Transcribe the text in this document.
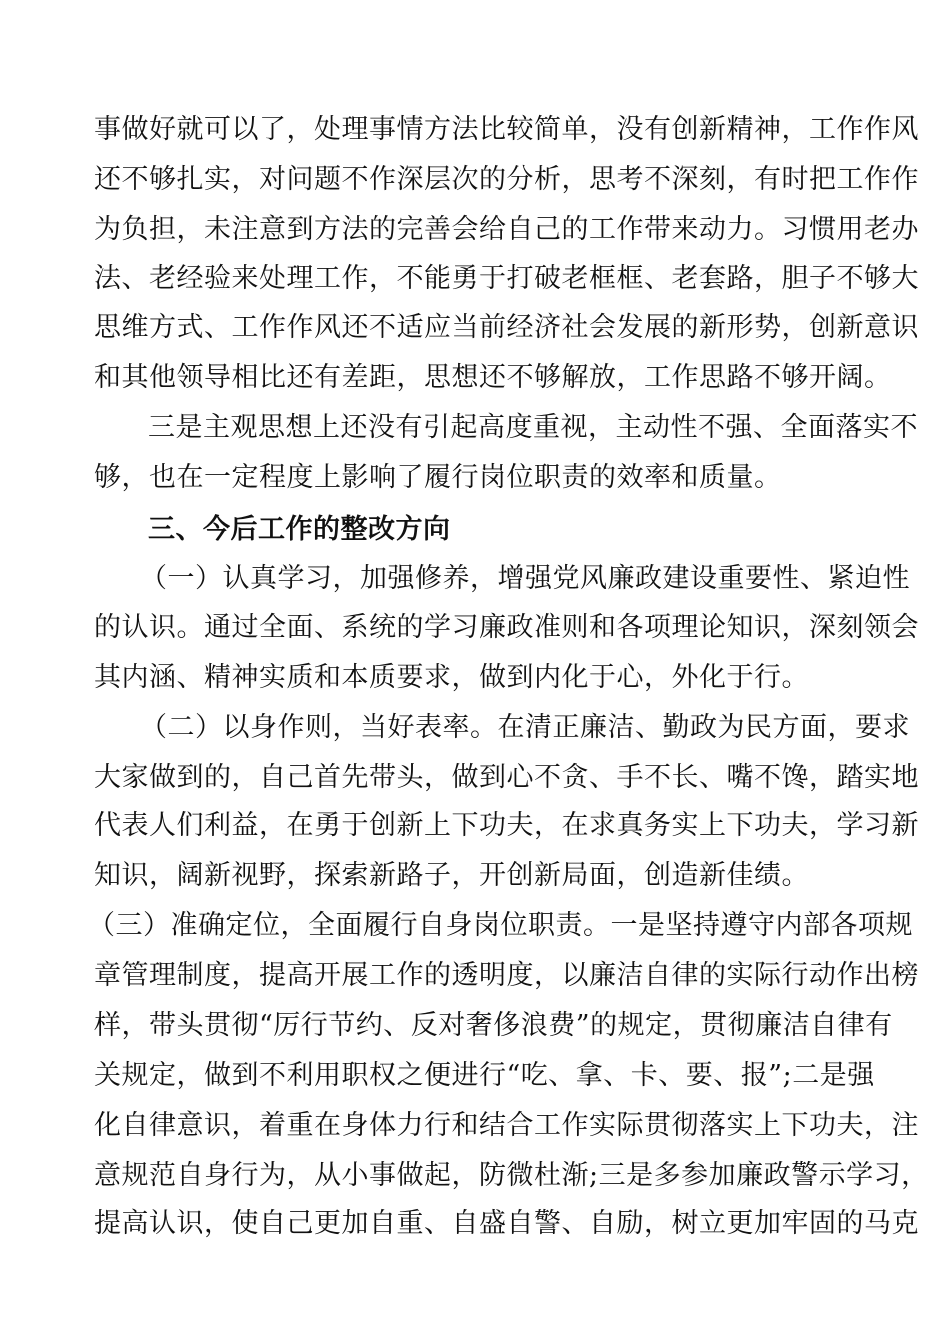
事做好就可以了，处理事情方法比较简单，没有创新精神，工作作风
还不够扎实，对问题不作深层次的分析，思考不深刻，有时把工作作
为负担，未注意到方法的完善会给自己的工作带来动力。习惯用老办
法、老经验来处理工作，不能勇于打破老框框、老套路，胆子不够大
思维方式、工作作风还不适应当前经济社会发展的新形势，创新意识
和其他领导相比还有差距，思想还不够解放，工作思路不够开阔。
三是主观思想上还没有引起高度重视，主动性不强、全面落实不
够，也在一定程度上影响了履行岗位职责的效率和质量。
三、今后工作的整改方向
（一）认真学习，加强修养，增强党风廉政建设重要性、紧迫性
的认识。通过全面、系统的学习廉政准则和各项理论知识，深刻领会
其内涵、精神实质和本质要求，做到内化于心，外化于行。
（二）以身作则，当好表率。在清正廉洁、勤政为民方面，要求
大家做到的，自己首先带头，做到心不贪、手不长、嘴不馋，踏实地
代表人们利益，在勇于创新上下功夫，在求真务实上下功夫，学习新
知识，阔新视野，探索新路子，开创新局面，创造新佳绩。
（三）准确定位，全面履行自身岗位职责。一是坚持遵守内部各项规
章管理制度，提高开展工作的透明度，以廉洁自律的实际行动作出榜
样，带头贯彻“厉行节约、反对奢侈浪费”的规定，贯彻廉洁自律有
关规定，做到不利用职权之便进行“吃、拿、卡、要、报”;二是强
化自律意识，着重在身体力行和结合工作实际贯彻落实上下功夫，注
意规范自身行为，从小事做起，防微杜渐;三是多参加廉政警示学习，
提高认识，使自己更加自重、自盛自警、自励，树立更加牢固的马克
